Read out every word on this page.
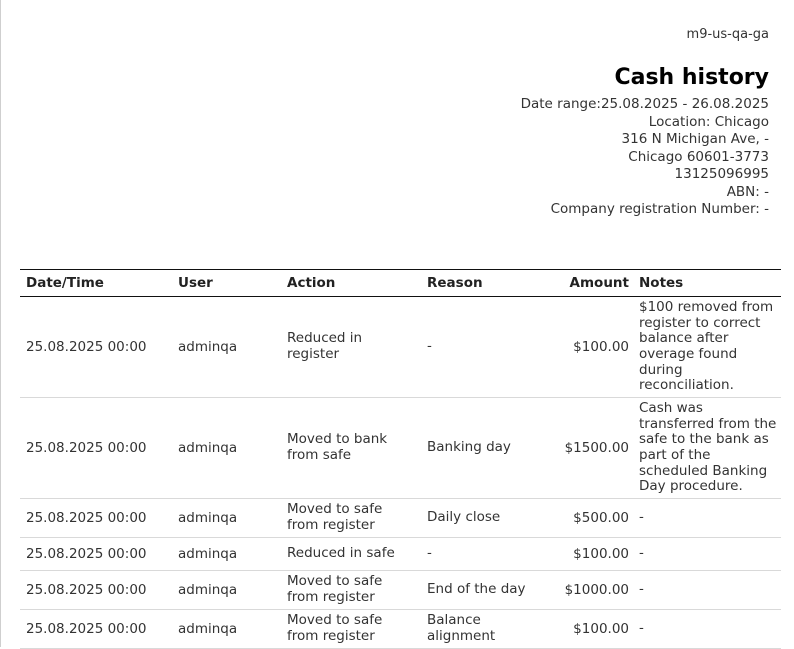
m9-us-qa-ga
Cash history
Date range:25.08.2025 - 26.08.2025
Location: Chicago
316 N Michigan Ave, -
Chicago 60601-3773
13125096995
ABN: -
Company registration Number: -
Date/Time	User	Action	Reason	Amount	Notes
25.08.2025 00:00	adminqa	Reduced in register	-	$100.00	$100 removed from register to correct balance after overage found during reconciliation.
25.08.2025 00:00	adminqa	Moved to bank from safe	Banking day	$1500.00	Cash was transferred from the safe to the bank as part of the scheduled Banking Day procedure.
25.08.2025 00:00	adminqa	Moved to safe from register	Daily close	$500.00	-
25.08.2025 00:00	adminqa	Reduced in safe	-	$100.00	-
25.08.2025 00:00	adminqa	Moved to safe from register	End of the day	$1000.00	-
25.08.2025 00:00	adminqa	Moved to safe from register	Balance alignment	$100.00	-
